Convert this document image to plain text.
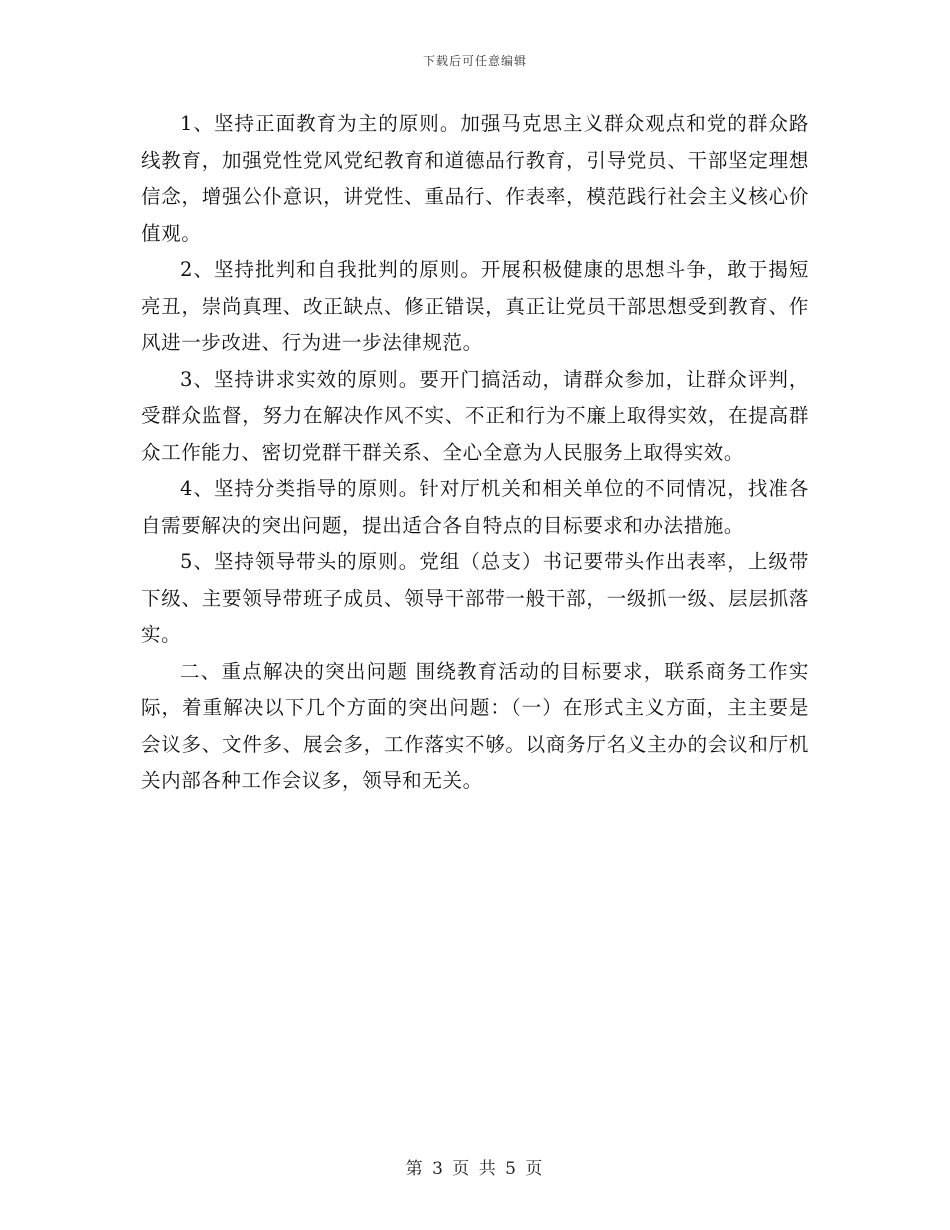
下载后可任意编辑

1、坚持正面教育为主的原则。加强马克思主义群众观点和党的群众路线教育，加强党性党风党纪教育和道德品行教育，引导党员、干部坚定理想信念，增强公仆意识，讲党性、重品行、作表率，模范践行社会主义核心价值观。

2、坚持批判和自我批判的原则。开展积极健康的思想斗争，敢于揭短亮丑，崇尚真理、改正缺点、修正错误，真正让党员干部思想受到教育、作风进一步改进、行为进一步法律规范。

3、坚持讲求实效的原则。要开门搞活动，请群众参加，让群众评判，受群众监督，努力在解决作风不实、不正和行为不廉上取得实效，在提高群众工作能力、密切党群干群关系、全心全意为人民服务上取得实效。

4、坚持分类指导的原则。针对厅机关和相关单位的不同情况，找准各自需要解决的突出问题，提出适合各自特点的目标要求和办法措施。

5、坚持领导带头的原则。党组（总支）书记要带头作出表率，上级带下级、主要领导带班子成员、领导干部带一般干部，一级抓一级、层层抓落实。

二、重点解决的突出问题 围绕教育活动的目标要求，联系商务工作实际，着重解决以下几个方面的突出问题：（一）在形式主义方面，主主要是会议多、文件多、展会多，工作落实不够。以商务厅名义主办的会议和厅机关内部各种工作会议多，领导和无关。

第 3 页 共 5 页
